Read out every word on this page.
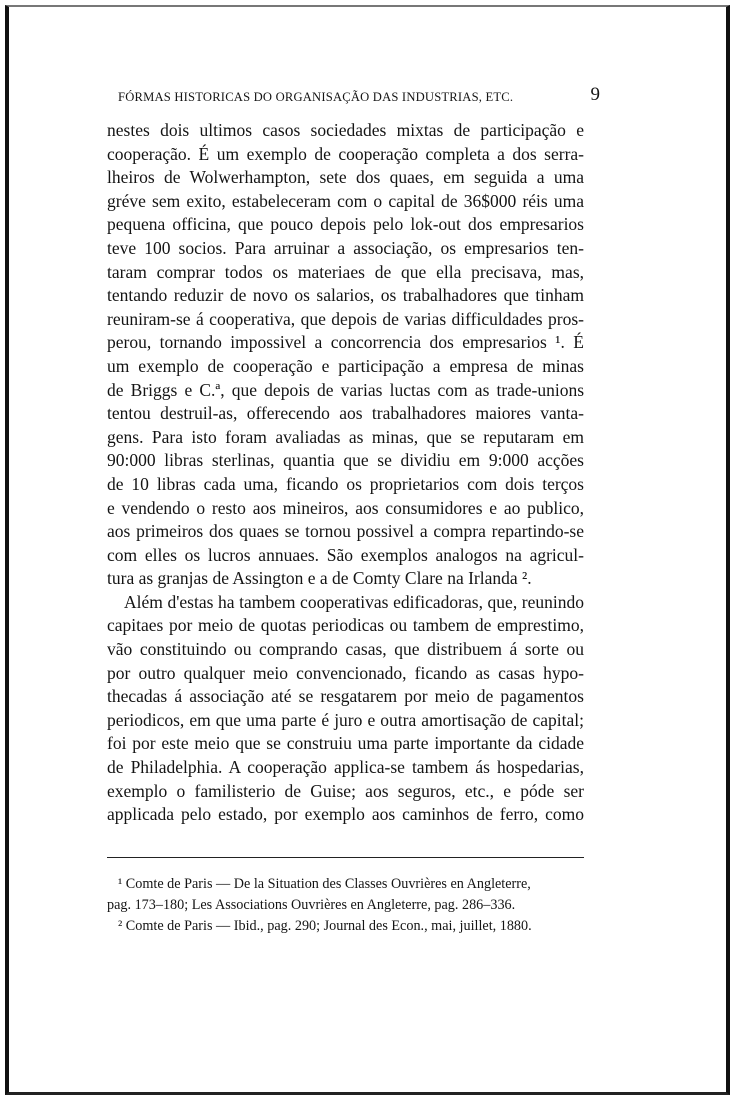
FÓRMAS HISTORICAS DO ORGANISAÇÃO DAS INDUSTRIAS, ETC.	9
nestes dois ultimos casos sociedades mixtas de participação e
cooperação. É um exemplo de cooperação completa a dos serra-
lheiros de Wolwerhampton, sete dos quaes, em seguida a uma
gréve sem exito, estabeleceram com o capital de 36$000 réis uma
pequena officina, que pouco depois pelo lok-out dos empresarios
teve 100 socios. Para arruinar a associação, os empresarios ten-
taram comprar todos os materiaes de que ella precisava, mas,
tentando reduzir de novo os salarios, os trabalhadores que tinham
reuniram-se á cooperativa, que depois de varias difficuldades pros-
perou, tornando impossivel a concorrencia dos empresarios ¹. É
um exemplo de cooperação e participação a empresa de minas
de Briggs e C.ª, que depois de varias luctas com as trade-unions
tentou destruil-as, offerecendo aos trabalhadores maiores vanta-
gens. Para isto foram avaliadas as minas, que se reputaram em
90:000 libras sterlinas, quantia que se dividiu em 9:000 acções
de 10 libras cada uma, ficando os proprietarios com dois terços
e vendendo o resto aos mineiros, aos consumidores e ao publico,
aos primeiros dos quaes se tornou possivel a compra repartindo-se
com elles os lucros annuaes. São exemplos analogos na agricul-
tura as granjas de Assington e a de Comty Clare na Irlanda ².
Além d'estas ha tambem cooperativas edificadoras, que, reunindo
capitaes por meio de quotas periodicas ou tambem de emprestimo,
vão constituindo ou comprando casas, que distribuem á sorte ou
por outro qualquer meio convencionado, ficando as casas hypo-
thecadas á associação até se resgatarem por meio de pagamentos
periodicos, em que uma parte é juro e outra amortisação de capital;
foi por este meio que se construiu uma parte importante da cidade
de Philadelphia. A cooperação applica-se tambem ás hospedarias,
exemplo o familisterio de Guise; aos seguros, etc., e póde ser
applicada pelo estado, por exemplo aos caminhos de ferro, como
¹ Comte de Paris — De la Situation des Classes Ouvrières en Angleterre,
pag. 173–180; Les Associations Ouvrières en Angleterre, pag. 286–336.
² Comte de Paris — Ibid., pag. 290; Journal des Econ., mai, juillet, 1880.
